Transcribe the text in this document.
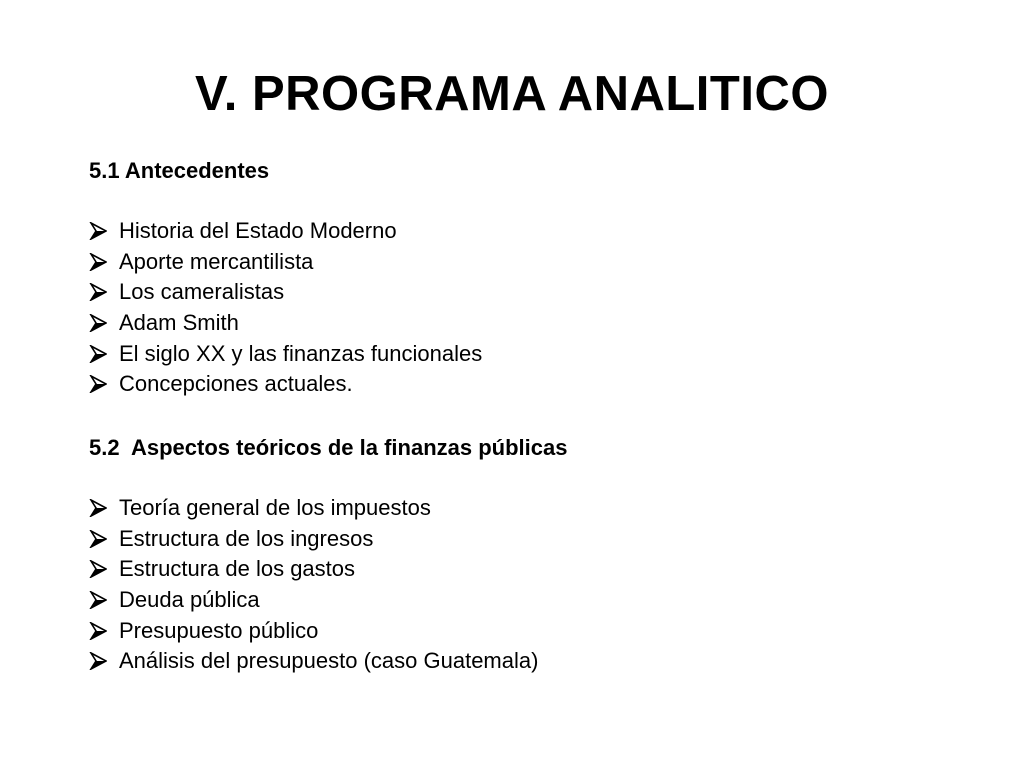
V. PROGRAMA ANALITICO
5.1 Antecedentes
Historia del Estado Moderno
Aporte mercantilista
Los cameralistas
Adam Smith
El siglo XX y las finanzas funcionales
Concepciones actuales.
5.2  Aspectos teóricos de la finanzas públicas
Teoría general de los impuestos
Estructura de los ingresos
Estructura de los gastos
Deuda pública
Presupuesto público
Análisis del presupuesto (caso Guatemala)
